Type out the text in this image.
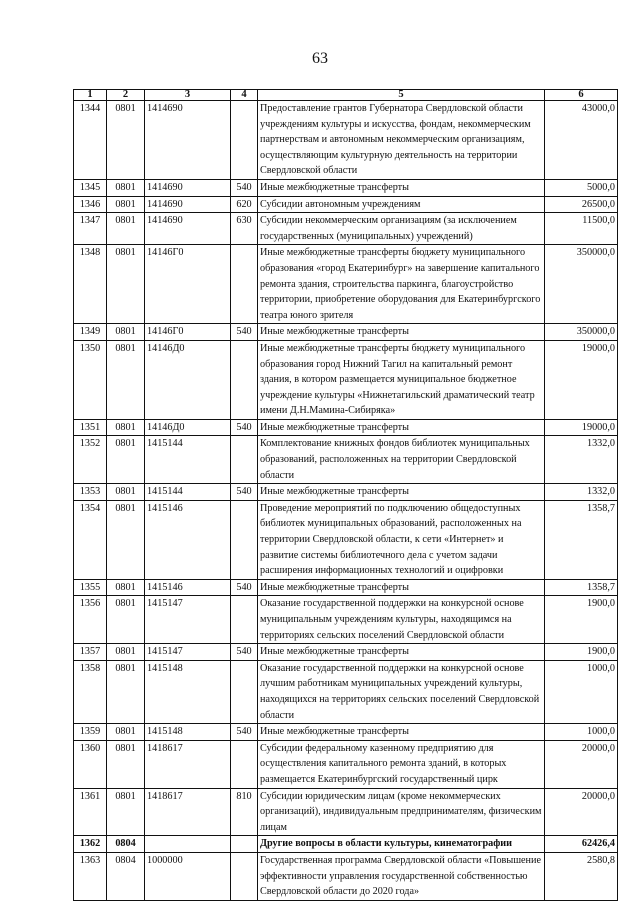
63
1	2	3	4	5	6
1344	0801	1414690		Предоставление грантов Губернатора Свердловской области учреждениям культуры и искусства, фондам, некоммерческим партнерствам и автономным некоммерческим организациям, осуществляющим культурную деятельность на территории Свердловской области	43000,0
1345	0801	1414690	540	Иные межбюджетные трансферты	5000,0
1346	0801	1414690	620	Субсидии автономным учреждениям	26500,0
1347	0801	1414690	630	Субсидии некоммерческим организациям (за исключением государственных (муниципальных) учреждений)	11500,0
1348	0801	14146Г0		Иные межбюджетные трансферты бюджету муниципального образования «город Екатеринбург» на завершение капитального ремонта здания, строительства паркинга, благоустройство территории, приобретение оборудования для Екатеринбургского театра юного зрителя	350000,0
1349	0801	14146Г0	540	Иные межбюджетные трансферты	350000,0
1350	0801	14146Д0		Иные межбюджетные трансферты бюджету муниципального образования город Нижний Тагил на капитальный ремонт здания, в котором размещается муниципальное бюджетное учреждение культуры «Нижнетагильский драматический театр имени Д.Н.Мамина-Сибиряка»	19000,0
1351	0801	14146Д0	540	Иные межбюджетные трансферты	19000,0
1352	0801	1415144		Комплектование книжных фондов библиотек муниципальных образований, расположенных на территории Свердловской области	1332,0
1353	0801	1415144	540	Иные межбюджетные трансферты	1332,0
1354	0801	1415146		Проведение мероприятий по подключению общедоступных библиотек муниципальных образований, расположенных на территории Свердловской области, к сети «Интернет» и развитие системы библиотечного дела с учетом задачи расширения информационных технологий и оцифровки	1358,7
1355	0801	1415146	540	Иные межбюджетные трансферты	1358,7
1356	0801	1415147		Оказание государственной поддержки на конкурсной основе муниципальным учреждениям культуры, находящимся на территориях сельских поселений Свердловской области	1900,0
1357	0801	1415147	540	Иные межбюджетные трансферты	1900,0
1358	0801	1415148		Оказание государственной поддержки на конкурсной основе лучшим работникам муниципальных учреждений культуры, находящихся на территориях сельских поселений Свердловской области	1000,0
1359	0801	1415148	540	Иные межбюджетные трансферты	1000,0
1360	0801	1418617		Субсидии федеральному казенному предприятию для осуществления капитального ремонта зданий, в которых размещается Екатеринбургский государственный цирк	20000,0
1361	0801	1418617	810	Субсидии юридическим лицам (кроме некоммерческих организаций), индивидуальным предпринимателям, физическим лицам	20000,0
1362	0804			Другие вопросы в области культуры, кинематографии	62426,4
1363	0804	1000000		Государственная программа Свердловской области «Повышение эффективности управления государственной собственностью Свердловской области до 2020 года»	2580,8
